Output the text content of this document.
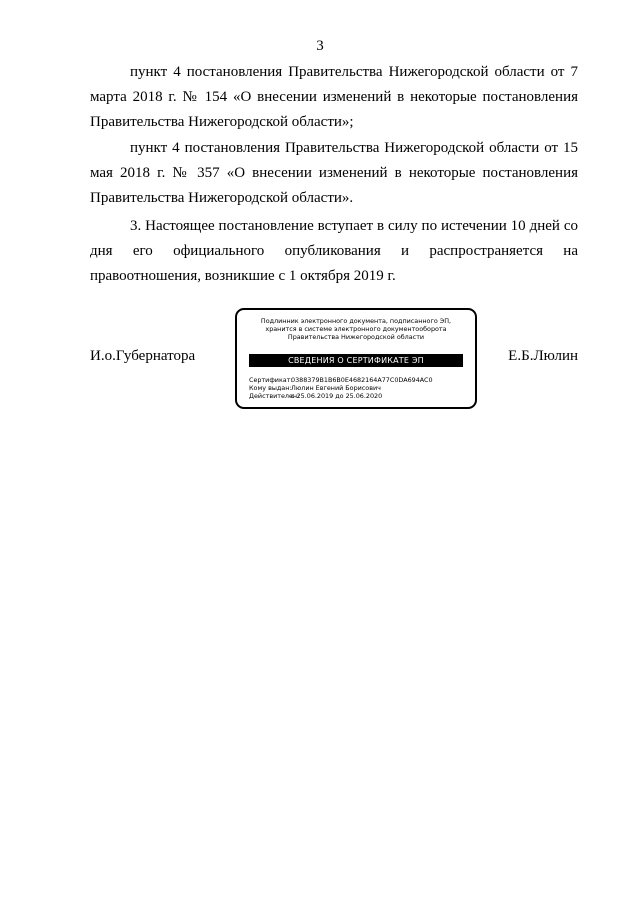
3

пункт 4 постановления Правительства Нижегородской области от 7 марта 2018 г. № 154 «О внесении изменений в некоторые постановления Правительства Нижегородской области»;

пункт 4 постановления Правительства Нижегородской области от 15 мая 2018 г. № 357 «О внесении изменений в некоторые постановления Правительства Нижегородской области».

3. Настоящее постановление вступает в силу по истечении 10 дней со дня его официального опубликования и распространяется на правоотношения, возникшие с 1 октября 2019 г.

И.о.Губернатора	Е.Б.Люлин
Подлинник электронного документа, подписанного ЭП,
хранится в системе электронного документооборота
Правительства Нижегородской области
СВЕДЕНИЯ О СЕРТИФИКАТЕ ЭП
Сертификат: 0388379B1B6B0E4682164A77C0DA694AC0
Кому выдан: Люлин Евгений Борисович
Действителен: с 25.06.2019 до 25.06.2020
